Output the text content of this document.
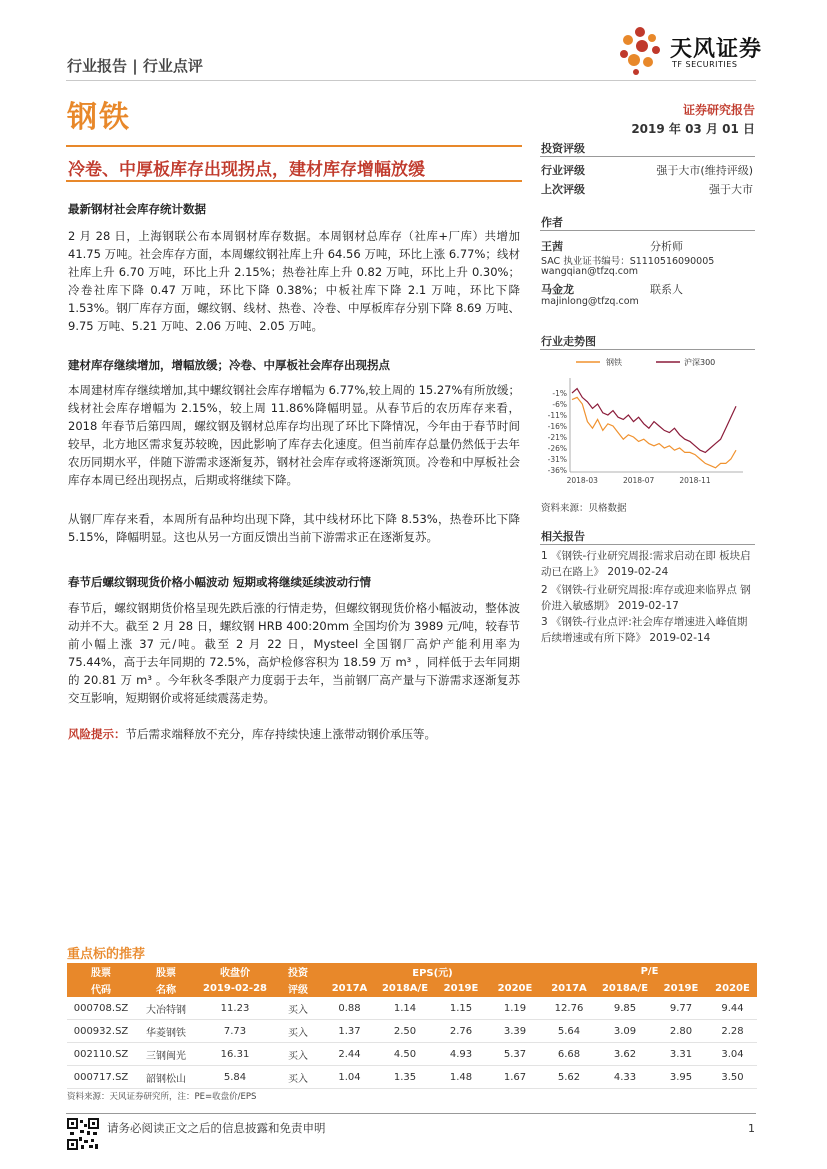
行业报告 | 行业点评
天风证券
TF SECURITIES
钢铁	证券研究报告
2019 年 03 月 01 日
冷卷、中厚板库存出现拐点，建材库存增幅放缓
最新钢材社会库存统计数据
2 月 28 日，上海钢联公布本周钢材库存数据。本周钢材总库存（社库+厂库）共增加 41.75 万吨。社会库存方面，本周螺纹钢社库上升 64.56 万吨，环比上涨 6.77%；线材社库上升 6.70 万吨，环比上升 2.15%；热卷社库上升 0.82 万吨，环比上升 0.30%；冷卷社库下降 0.47 万吨，环比下降 0.38%；中板社库下降 2.1 万吨，环比下降 1.53%。钢厂库存方面，螺纹钢、线材、热卷、冷卷、中厚板库存分别下降 8.69 万吨、9.75 万吨、5.21 万吨、2.06 万吨、2.05 万吨。
建材库存继续增加，增幅放缓；冷卷、中厚板社会库存出现拐点
本周建材库存继续增加,其中螺纹钢社会库存增幅为 6.77%,较上周的 15.27%有所放缓；线材社会库存增幅为 2.15%，较上周 11.86%降幅明显。从春节后的农历库存来看，2018 年春节后第四周，螺纹钢及钢材总库存均出现了环比下降情况，今年由于春节时间较早，北方地区需求复苏较晚，因此影响了库存去化速度。但当前库存总量仍然低于去年农历同期水平，伴随下游需求逐渐复苏，钢材社会库存或将逐渐筑顶。冷卷和中厚板社会库存本周已经出现拐点，后期或将继续下降。
从钢厂库存来看，本周所有品种均出现下降，其中线材环比下降 8.53%，热卷环比下降 5.15%，降幅明显。这也从另一方面反馈出当前下游需求正在逐渐复苏。
春节后螺纹钢现货价格小幅波动 短期或将继续延续波动行情
春节后，螺纹钢期货价格呈现先跌后涨的行情走势，但螺纹钢现货价格小幅波动，整体波动并不大。截至 2 月 28 日，螺纹钢 HRB 400:20mm 全国均价为 3989 元/吨，较春节前小幅上涨 37 元/吨。截至 2 月 22 日，Mysteel 全国钢厂高炉产能利用率为 75.44%，高于去年同期的 72.5%，高炉检修容积为 18.59 万 m³ ，同样低于去年同期的 20.81 万 m³ 。今年秋冬季限产力度弱于去年，当前钢厂高产量与下游需求逐渐复苏交互影响，短期钢价或将延续震荡走势。
风险提示：节后需求端释放不充分，库存持续快速上涨带动钢价承压等。
投资评级
行业评级	强于大市(维持评级)
上次评级	强于大市
作者
王茜	分析师
SAC 执业证书编号：S1110516090005
wangqian@tfzq.com
马金龙	联系人
majinlong@tfzq.com
行业走势图
钢铁	沪深300
-1%
-6%
-11%
-16%
-21%
-26%
-31%
-36%
2018-03	2018-07	2018-11
资料来源：贝格数据
相关报告
1 《钢铁-行业研究周报:需求启动在即 板块启动已在路上》 2019-02-24
2 《钢铁-行业研究周报:库存或迎来临界点 钢价进入敏感期》 2019-02-17
3 《钢铁-行业点评:社会库存增速进入峰值期 后续增速或有所下降》 2019-02-14
重点标的推荐
股票	股票	收盘价	投资	EPS(元)				P/E			
代码	名称	2019-02-28	评级	2017A	2018A/E	2019E	2020E	2017A	2018A/E	2019E	2020E
000708.SZ	大冶特钢	11.23	买入	0.88	1.14	1.15	1.19	12.76	9.85	9.77	9.44
000932.SZ	华菱钢铁	7.73	买入	1.37	2.50	2.76	3.39	5.64	3.09	2.80	2.28
002110.SZ	三钢闽光	16.31	买入	2.44	4.50	4.93	5.37	6.68	3.62	3.31	3.04
000717.SZ	韶钢松山	5.84	买入	1.04	1.35	1.48	1.67	5.62	4.33	3.95	3.50
资料来源：天风证券研究所，注：PE=收盘价/EPS
请务必阅读正文之后的信息披露和免责申明	1
